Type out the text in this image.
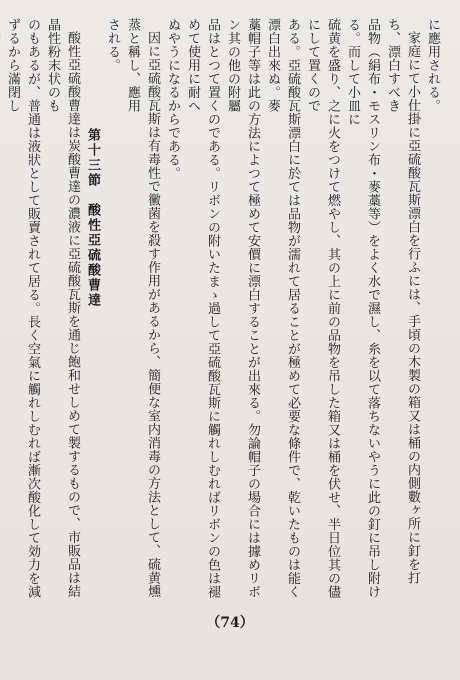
に應用される。

家庭にて小仕掛に亞硫酸瓦斯漂白を行ふには、手頃の木製の箱又は桶の内側數ヶ所に釘を打ち、漂白すべき

品物（絹布・モスリン布・麥藁等）をよく水で濕し、糸を以て落ちないやうに此の釘に吊し附ける。而して小皿に

硫黄を盛り、之に火をつけて燃やし、其の上に前の品物を吊した箱又は桶を伏せ、半日位其の儘にして置くので

ある。亞硫酸瓦斯漂白に於ては品物が濡れて居ることが極めて必要な條件で、乾いたものは能く漂白出來ぬ。麥

藁帽子等は此の方法によつて極めて安價に漂白することが出來る。勿論帽子の場合には據めリボン其の他の附屬

品はとつて置くのである。リボンの附いたまゝ過して亞硫酸瓦斯に觸れしむればリボンの色は褪めて使用に耐へ

ぬやうになるからである。

因に亞硫酸瓦斯は有毒性で黴菌を殺す作用があるから、簡便な室内消毒の方法として、硫黄燻蒸と稱し、應用

される。

第十三節　酸性亞硫酸曹達

酸性亞硫酸曹達は炭酸曹達の濃液に亞硫酸瓦斯を通じ飽和せしめて製するもので、市販品は結晶性粉末状のも

のもあるが、普通は液狀として販賣されて居る。長く空氣に觸れしむれば漸次酸化して効力を減ずるから滿閉し

（74）
